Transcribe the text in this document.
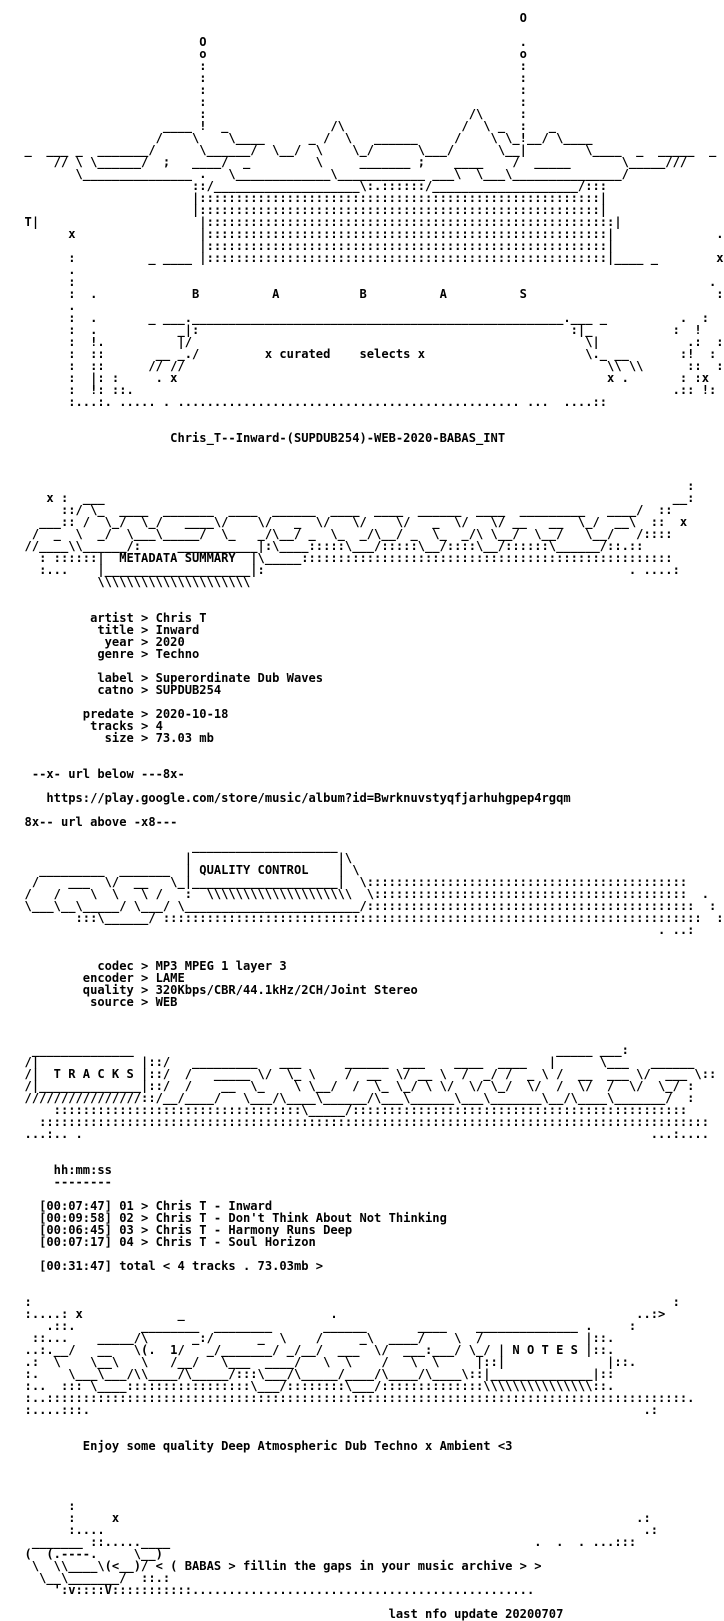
O

O                                           .
o                                           o
:                                           :
:                                           :
:                                           :
:                                           :
:                                    /\     :
____ !  _              /\                /  \ _  :   _
/    \    \____      _ /  \   ______     /    \ \_!__/ \____
_  ___ _  _______/      \______/  \__/  \    \_/      \___/      \__|        \____  _  _____  _
// \ \______/  ;   ____/  _         \     _______ ;    ____    /  _____       \_____///
\_______________ .   \_____________\____________ ___\  \___\_______________/
::/____________________\:.::::::/____________________/:::
|:::::::::::::::::::::::::::::::::::::::::::::::::::::::|
|:::::::::::::::::::::::::::::::::::::::::::::::::::::::|
T|                      |::::::::::::::::::::::::::::::::::::::::::::::::::::::::|
x                 |:::::::::::::::::::::::::::::::::::::::::::::::::::::::|              .
|:::::::::::::::::::::::::::::::::::::::::::::::::::::::|
:          _ ____ |:::::::::::::::::::::::::::::::::::::::::::::::::::::::|____ _        x
.
:                                                                                       .
:  .             B          A           B          A          S                          :
.
:  .       _ ___.___________________________________________________.___ _          .  :
:  .           _|:                                                   :|_           :  !
:  !.          |/                                                      \|            .:  :
:  ::       __ _./         x curated    selects x                      \._ __       :!  :
:  ::      // //                                                          \\ \\      ::  :
:  |: :     . x                                                           x .       : :x
:  !: ::.                                                                          .:: !:
:...:. ..... . ............................................... ...  ....::

Chris_T--Inward-(SUPDUB254)-WEB-2020-BABAS_INT

:
x :  ___                                                                              __:
::/ \_  ____  _______  ____  ______  ____  ____  ______  ____  _________   ____/  ::
___:: /  \_/  \_/   ____\/    \/   _  \/   \/    \/   _  \/   \/ __   __  \_/  __\  ::  x
/  _  \  _/  \___\_____/  \_   _/\__/ _  \_  _/\__/ _  \_  _/\ \__/  \__/   \__/   /::::
//____\\______/:     ___________|:\____:::::\___/:::::\__/::::\__/::::::\______/::.::
: ::::::|  METADATA SUMMARY  |\_____:::::::::::::::::::::::::::::::::::::::::::::::::::
:...    |____________________|:                                                  . ....:
\\\\\\\\\\\\\\\\\\\\\

artist > Chris T
title > Inward
year > 2020
genre > Techno

label > Superordinate Dub Waves
catno > SUPDUB254

predate > 2020-10-18
tracks > 4
size > 73.03 mb

--x- url below ---8x-

https://play.google.com/store/music/album?id=Bwrknuvstyqfjarhuhgpep4rgqm

8x-- url above -x8---

____________________
|                    |\
_________  _______  | QUALITY CONTROL    | \
/    ___  \/  __   \_|____________________|  \::::::::::::::::::::::::::::::::::::::::::::
/   /    \  \   \ /   :  \\\\\\\\\\\\\\\\\\\\  \:::::::::::::::::::::::::::::::::::::::::::  .
\___\__\_____/ \___/ \________________________/:::::::::::::::::::::::::::::::::::::::::::::  :
:::\______/ ::::::::::::::::::::::::::::::::::::::::::::::::::::::::::::::::::::::::::  :
. ..:

codec > MP3 MPEG 1 layer 3
encoder > LAME
quality > 320Kbps/CBR/44.1kHz/2CH/Joint Stereo
source > WEB

______________                                                          _____ ___:
/|              |::/   _________   ___      ______  ___    ____  ____   |      \___   ______
/|  T R A C K S |::/  /   _____ \/  \_ \    /  __  \/ __ \  /  _/ /  _ \ /  __  ___ \/  ___ \::
/|______________|::/  /    __  \_    \ \__/  /  \_ \_/ \ \/  \/ \_/  \/  /  \/  /  \/  \_/ :
////////////////::/__/____/   \___/\____\______/\___\______\___\_______\__/\____\_______/  :
::::::::::::::::::::::::::::::::::\_____/::::::::::::::::::::::::::::::::::::::::::::::
::::::::::::::::::::::::::::::::::::::::::::::::::::::::::::::::::::::::::::::::::::::::::::
...:.. .                                                                              ...:....

hh:mm:ss
--------

[00:07:47] 01 > Chris T - Inward
[00:09:58] 02 > Chris T - Don't Think About Not Thinking
[00:06:45] 03 > Chris T - Harmony Runs Deep
[00:07:17] 04 > Chris T - Soul Horizon

[00:31:47] total < 4 tracks . 73.03mb >

:                                                                                        :
:....: x             _                    .                                         ..:>
.::.         ________  ________       ______       ____    ______________ .     :
::...    _____/\      _:/      _  \    /     _\  ____/    \  /              |::.
..:.__/   __   \(.  1/   _/_______/ _/__/  ___  \/  ___:___/ \_/ | N O T E S |::.
.:  \    \__\   \   /__/   \___  ____/   \  \    /   \  \     |::|              |::.
:.    \___\___/\\____/\_____/:::\___/\_____/____/\____/\____\::|______________|::
:..  ::: \____:::::::::::::::::\___/::::::::\___/::::::::::::::\\\\\\\\\\\\\\\::.
:..::::::::::::::::::::::::::::::::::::::::::::::::::::::::::::::::::::::::::::::::::::::::.
:....:::.                                                                            .:

Enjoy some quality Deep Atmospheric Dub Techno x Ambient <3

:
:     x                                                                       .:
:....                                                                          .:
_______ ::.....____                                                  .  .  . ...:::
(  (.----.     \__)
\  \\____\(<__)/ < ( BABAS > fillin the gaps in your music archive > >
\__\_______/  ::.:
':v::::V:::::::::::...............................................

last nfo update 20200707
